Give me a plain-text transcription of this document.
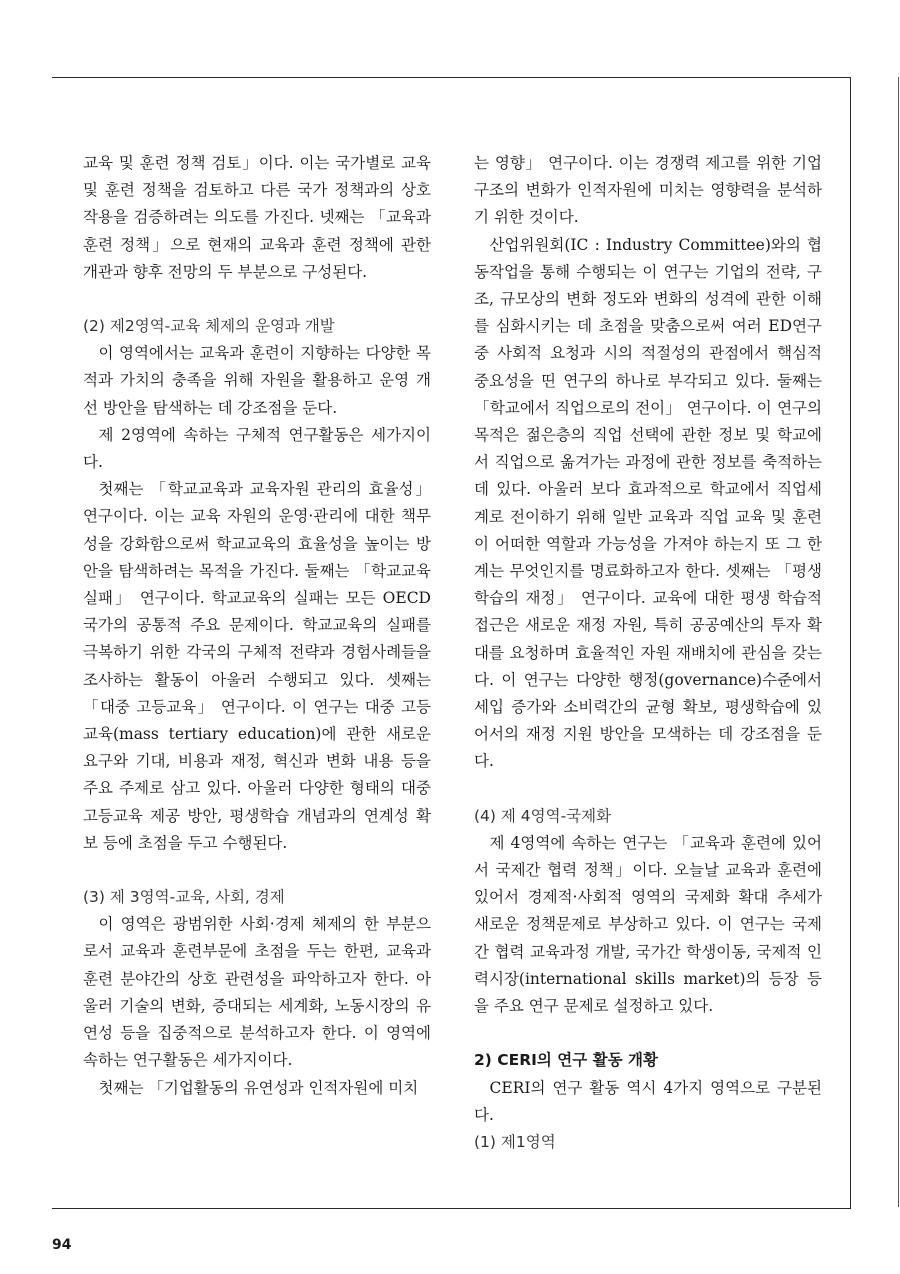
교육 및 훈련 정책 검토」이다. 이는 국가별로 교육 및 훈련 정책을 검토하고 다른 국가 정책과의 상호 작용을 검증하려는 의도를 가진다. 넷째는 「교육과 훈련 정책」으로 현재의 교육과 훈련 정책에 관한 개관과 향후 전망의 두 부분으로 구성된다.

(2) 제2영역-교육 체제의 운영과 개발

이 영역에서는 교육과 훈련이 지향하는 다양한 목적과 가치의 충족을 위해 자원을 활용하고 운영 개선 방안을 탐색하는 데 강조점을 둔다.

제 2영역에 속하는 구체적 연구활동은 세가지이다.

첫째는 「학교교육과 교육자원 관리의 효율성」 연구이다. 이는 교육 자원의 운영·관리에 대한 책무성을 강화함으로써 학교교육의 효율성을 높이는 방안을 탐색하려는 목적을 가진다. 둘째는 「학교교육 실패」 연구이다. 학교교육의 실패는 모든 OECD 국가의 공통적 주요 문제이다. 학교교육의 실패를 극복하기 위한 각국의 구체적 전략과 경험사례들을 조사하는 활동이 아울러 수행되고 있다. 셋째는 「대중 고등교육」 연구이다. 이 연구는 대중 고등교육(mass tertiary education)에 관한 새로운 요구와 기대, 비용과 재정, 혁신과 변화 내용 등을 주요 주제로 삼고 있다. 아울러 다양한 형태의 대중 고등교육 제공 방안, 평생학습 개념과의 연계성 확보 등에 초점을 두고 수행된다.

(3) 제 3영역-교육, 사회, 경제

이 영역은 광범위한 사회·경제 체제의 한 부분으로서 교육과 훈련부문에 초점을 두는 한편, 교육과 훈련 분야간의 상호 관련성을 파악하고자 한다. 아울러 기술의 변화, 증대되는 세계화, 노동시장의 유연성 등을 집중적으로 분석하고자 한다. 이 영역에 속하는 연구활동은 세가지이다.

첫째는 「기업활동의 유연성과 인적자원에 미치

는 영향」 연구이다. 이는 경쟁력 제고를 위한 기업구조의 변화가 인적자원에 미치는 영향력을 분석하기 위한 것이다.

산업위원회(IC : Industry Committee)와의 협동작업을 통해 수행되는 이 연구는 기업의 전략, 구조, 규모상의 변화 정도와 변화의 성격에 관한 이해를 심화시키는 데 초점을 맞춤으로써 여러 ED연구 중 사회적 요청과 시의 적절성의 관점에서 핵심적 중요성을 띤 연구의 하나로 부각되고 있다. 둘째는 「학교에서 직업으로의 전이」 연구이다. 이 연구의 목적은 젊은층의 직업 선택에 관한 정보 및 학교에서 직업으로 옮겨가는 과정에 관한 정보를 축적하는 데 있다. 아울러 보다 효과적으로 학교에서 직업세계로 전이하기 위해 일반 교육과 직업 교육 및 훈련이 어떠한 역할과 가능성을 가져야 하는지 또 그 한계는 무엇인지를 명료화하고자 한다. 셋째는 「평생학습의 재정」 연구이다. 교육에 대한 평생 학습적 접근은 새로운 재정 자원, 특히 공공예산의 투자 확대를 요청하며 효율적인 자원 재배치에 관심을 갖는다. 이 연구는 다양한 행정(governance)수준에서 세입 증가와 소비력간의 균형 확보, 평생학습에 있어서의 재정 지원 방안을 모색하는 데 강조점을 둔다.

(4) 제 4영역-국제화

제 4영역에 속하는 연구는 「교육과 훈련에 있어서 국제간 협력 정책」이다. 오늘날 교육과 훈련에 있어서 경제적·사회적 영역의 국제화 확대 추세가 새로운 정책문제로 부상하고 있다. 이 연구는 국제간 협력 교육과정 개발, 국가간 학생이동, 국제적 인력시장(international skills market)의 등장 등을 주요 연구 문제로 설정하고 있다.

2) CERI의 연구 활동 개황

CERI의 연구 활동 역시 4가지 영역으로 구분된다.

(1) 제1영역

94
